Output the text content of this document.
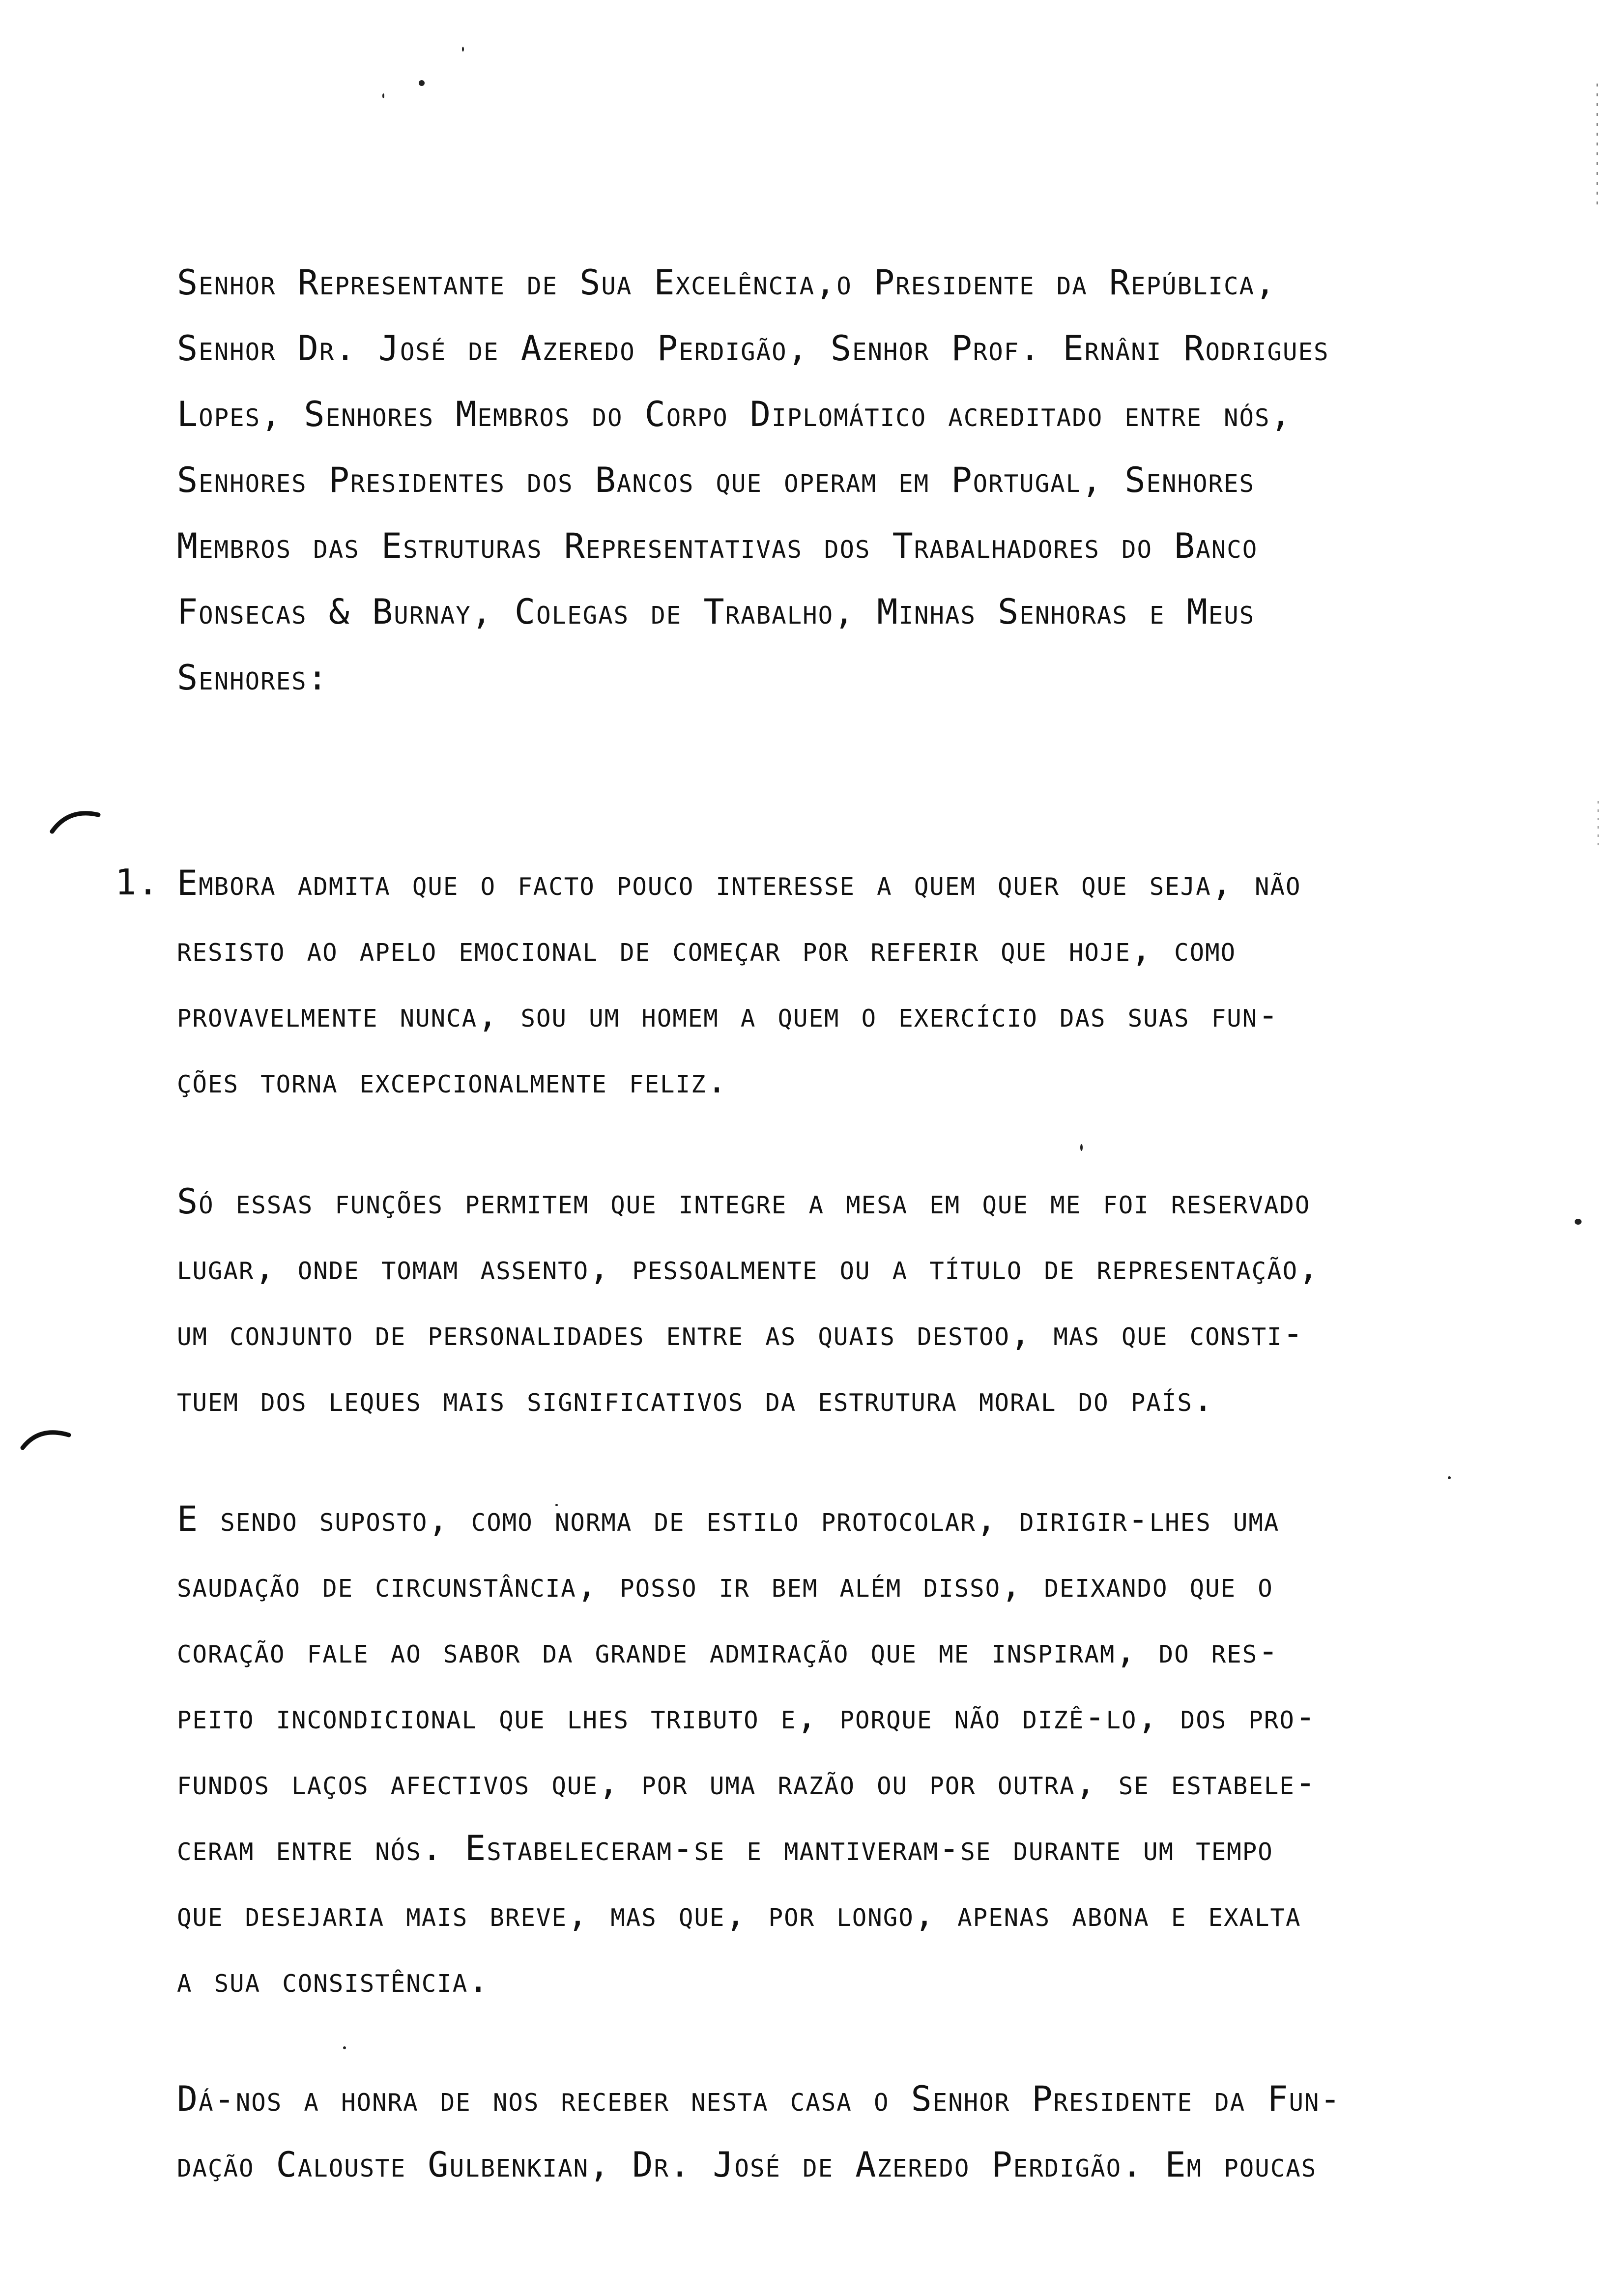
Senhor Representante de Sua Excelência,o Presidente da República,
Senhor Dr. José de Azeredo Perdigão, Senhor Prof. Ernâni Rodrigues
Lopes, Senhores Membros do Corpo Diplomático acreditado entre nós,
Senhores Presidentes dos Bancos que operam em Portugal, Senhores
Membros das Estruturas Representativas dos Trabalhadores do Banco
Fonsecas & Burnay, Colegas de Trabalho, Minhas Senhoras e Meus
Senhores:
1. Embora admita que o facto pouco interesse a quem quer que seja, não
resisto ao apelo emocional de começar por referir que hoje, como
provavelmente nunca, sou um homem a quem o exercício das suas fun-
ções torna excepcionalmente feliz.
Só essas funções permitem que integre a mesa em que me foi reservado
lugar, onde tomam assento, pessoalmente ou a título de representação,
um conjunto de personalidades entre as quais destoo, mas que consti-
tuem dos leques mais significativos da estrutura moral do país.
E sendo suposto, como norma de estilo protocolar, dirigir-lhes uma
saudação de circunstância, posso ir bem além disso, deixando que o
coração fale ao sabor da grande admiração que me inspiram, do res-
peito incondicional que lhes tributo e, porque não dizê-lo, dos pro-
fundos laços afectivos que, por uma razão ou por outra, se estabele-
ceram entre nós. Estabeleceram-se e mantiveram-se durante um tempo
que desejaria mais breve, mas que, por longo, apenas abona e exalta
a sua consistência.
Dá-nos a honra de nos receber nesta casa o Senhor Presidente da Fun-
dação Calouste Gulbenkian, Dr. José de Azeredo Perdigão. Em poucas
